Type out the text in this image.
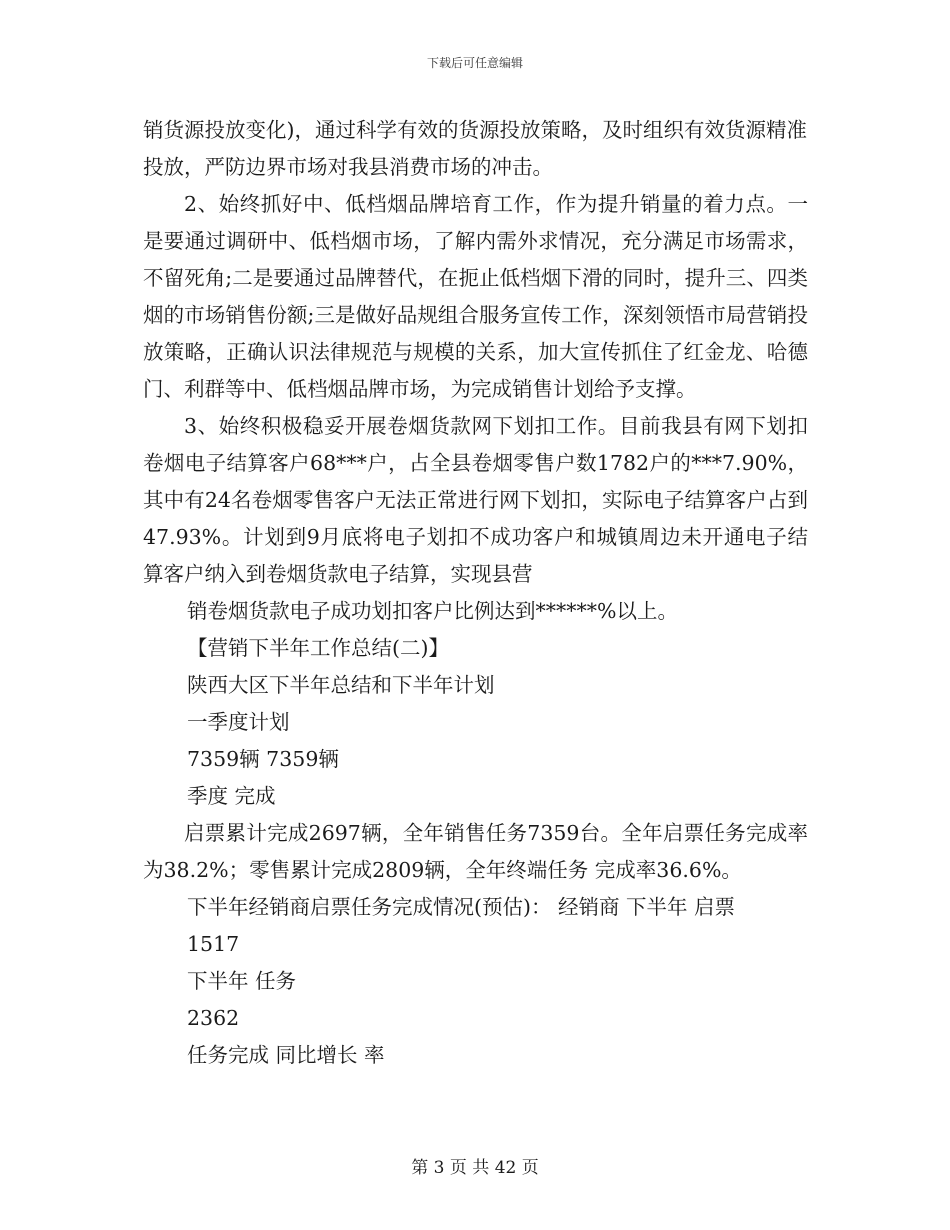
下载后可任意编辑

销货源投放变化)，通过科学有效的货源投放策略，及时组织有效货源精准投放，严防边界市场对我县消费市场的冲击。

2、始终抓好中、低档烟品牌培育工作，作为提升销量的着力点。一是要通过调研中、低档烟市场，了解内需外求情况，充分满足市场需求，不留死角;二是要通过品牌替代，在扼止低档烟下滑的同时，提升三、四类烟的市场销售份额;三是做好品规组合服务宣传工作，深刻领悟市局营销投放策略，正确认识法律规范与规模的关系，加大宣传抓住了红金龙、哈德门、利群等中、低档烟品牌市场，为完成销售计划给予支撑。

3、始终积极稳妥开展卷烟货款网下划扣工作。目前我县有网下划扣卷烟电子结算客户68***户，占全县卷烟零售户数1782户的***7.90%，其中有24名卷烟零售客户无法正常进行网下划扣，实际电子结算客户占到47.93%。计划到9月底将电子划扣不成功客户和城镇周边未开通电子结算客户纳入到卷烟货款电子结算，实现县营

销卷烟货款电子成功划扣客户比例达到******%以上。

【营销下半年工作总结(二)】

陕西大区下半年总结和下半年计划

一季度计划

7359辆 7359辆

季度 完成

启票累计完成2697辆，全年销售任务7359台。全年启票任务完成率为38.2%；零售累计完成2809辆，全年终端任务 完成率36.6%。

下半年经销商启票任务完成情况(预估)： 经销商 下半年 启票

1517

下半年 任务

2362

任务完成 同比增长 率

第 3 页 共 42 页
